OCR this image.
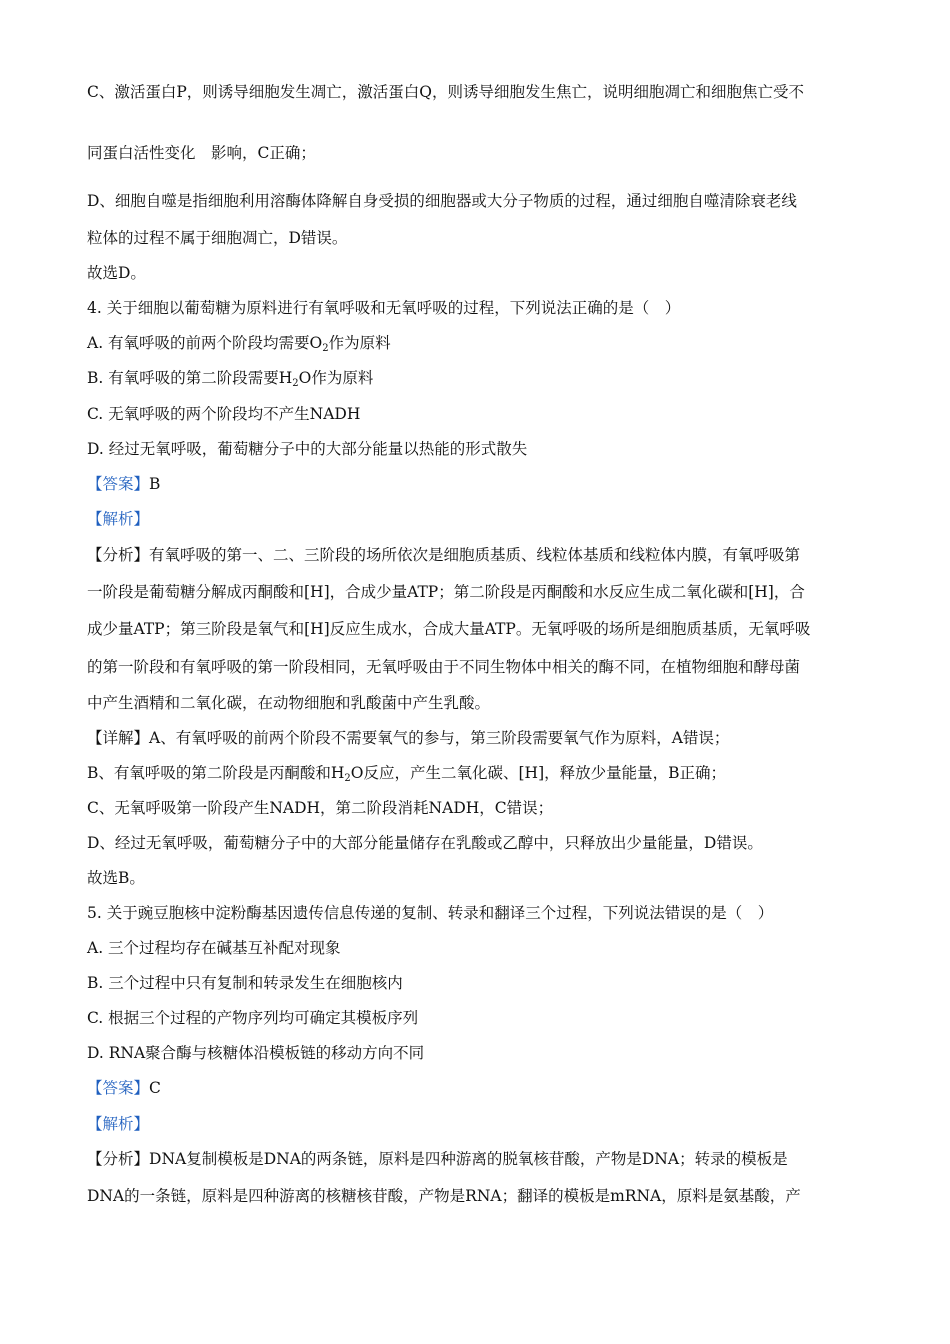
C、激活蛋白P，则诱导细胞发生凋亡，激活蛋白Q，则诱导细胞发生焦亡，说明细胞凋亡和细胞焦亡受不
同蛋白活性变化　影响，C正确；
D、细胞自噬是指细胞利用溶酶体降解自身受损的细胞器或大分子物质的过程，通过细胞自噬清除衰老线
粒体的过程不属于细胞凋亡，D错误。
故选D。
4. 关于细胞以葡萄糖为原料进行有氧呼吸和无氧呼吸的过程，下列说法正确的是（　）
A. 有氧呼吸的前两个阶段均需要$O_2$作为原料
B. 有氧呼吸的第二阶段需要$H_2O$作为原料
C. 无氧呼吸的两个阶段均不产生NADH
D. 经过无氧呼吸，葡萄糖分子中的大部分能量以热能的形式散失
【答案】B
【解析】
【分析】有氧呼吸的第一、二、三阶段的场所依次是细胞质基质、线粒体基质和线粒体内膜，有氧呼吸第
一阶段是葡萄糖分解成丙酮酸和[H]，合成少量ATP；第二阶段是丙酮酸和水反应生成二氧化碳和[H]，合
成少量ATP；第三阶段是氧气和[H]反应生成水，合成大量ATP。无氧呼吸的场所是细胞质基质，无氧呼吸
的第一阶段和有氧呼吸的第一阶段相同，无氧呼吸由于不同生物体中相关的酶不同，在植物细胞和酵母菌
中产生酒精和二氧化碳，在动物细胞和乳酸菌中产生乳酸。
【详解】A、有氧呼吸的前两个阶段不需要氧气的参与，第三阶段需要氧气作为原料，A错误；
B、有氧呼吸的第二阶段是丙酮酸和$H_2O$反应，产生二氧化碳、[H]，释放少量能量，B正确；
C、无氧呼吸第一阶段产生NADH，第二阶段消耗NADH，C错误；
D、经过无氧呼吸，葡萄糖分子中的大部分能量储存在乳酸或乙醇中，只释放出少量能量，D错误。
故选B。
5. 关于豌豆胞核中淀粉酶基因遗传信息传递的复制、转录和翻译三个过程，下列说法错误的是（　）
A. 三个过程均存在碱基互补配对现象
B. 三个过程中只有复制和转录发生在细胞核内
C. 根据三个过程的产物序列均可确定其模板序列
D. RNA聚合酶与核糖体沿模板链的移动方向不同
【答案】C
【解析】
【分析】DNA复制模板是DNA的两条链，原料是四种游离的脱氧核苷酸，产物是DNA；转录的模板是
DNA的一条链，原料是四种游离的核糖核苷酸，产物是RNA；翻译的模板是mRNA，原料是氨基酸，产
